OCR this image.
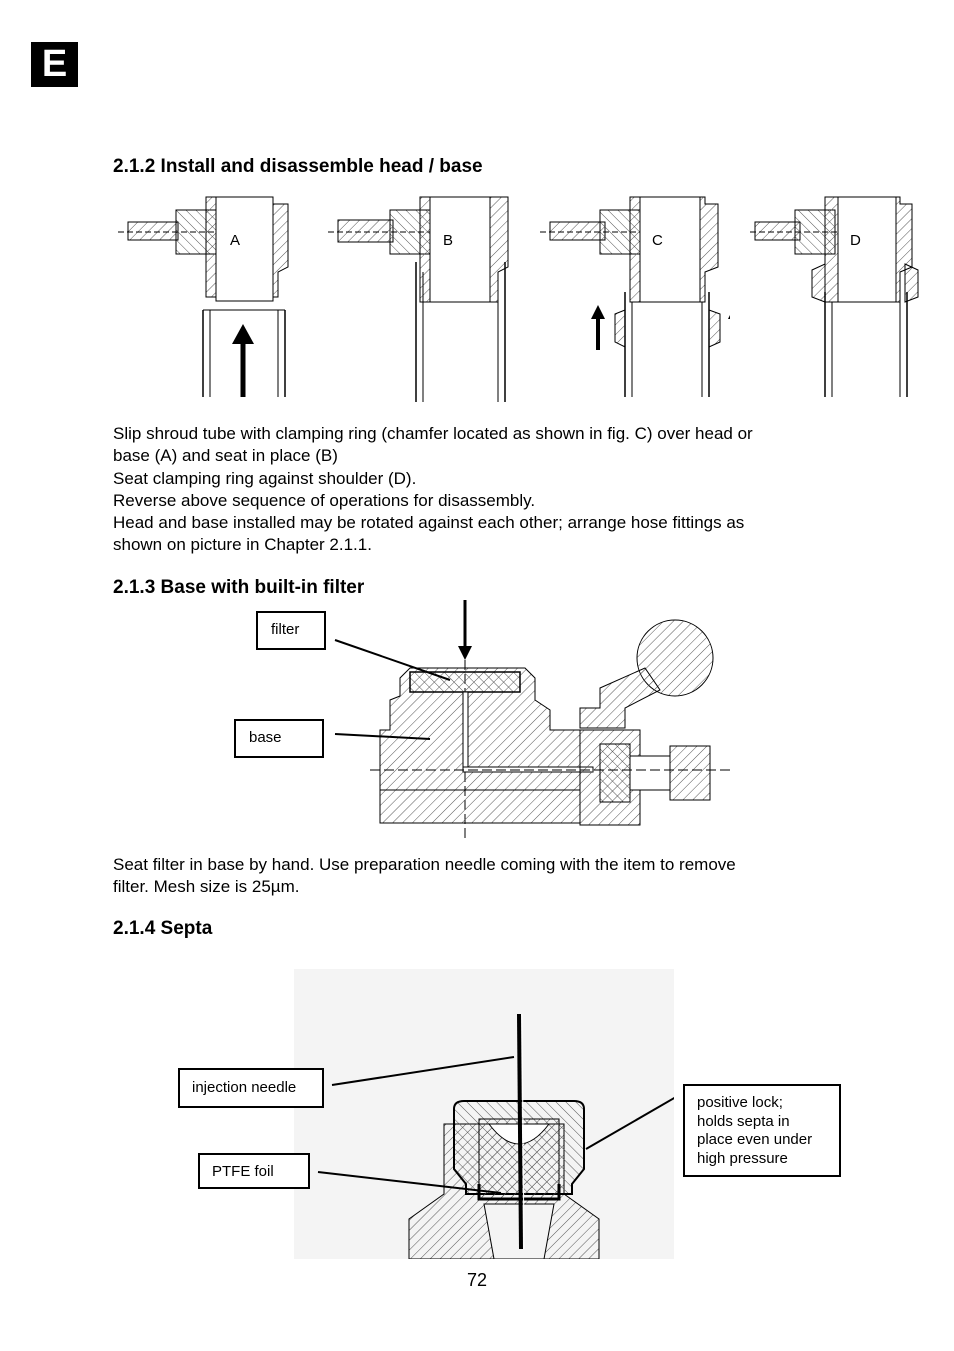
E
2.1.2 Install and disassemble head / base
A	B	C	D
Slip shroud tube with clamping ring (chamfer located as shown in fig. C) over head or
base (A) and seat in place (B)
Seat clamping ring against shoulder (D).
Reverse above sequence of operations for disassembly.
Head and base installed may be rotated against each other; arrange hose fittings as
shown on picture in Chapter 2.1.1.
2.1.3 Base with built-in filter
filter
base
Seat filter in base by hand. Use preparation needle coming with the item to remove
filter. Mesh size is 25µm.
2.1.4 Septa
injection needle
PTFE foil
positive lock;
holds septa in
place even under
high pressure
72
